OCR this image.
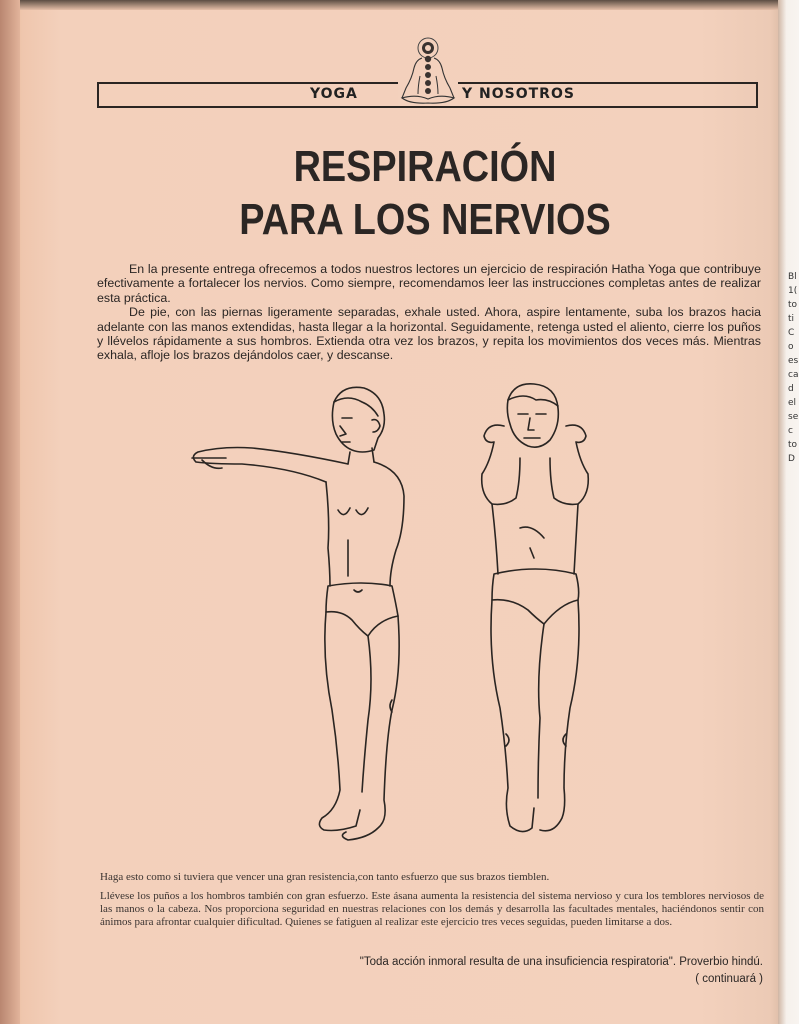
Bl
1(
to
ti
C
o
es
ca
d
el
se
c
to
D
YOGA	Y NOSOTROS
RESPIRACIÓN
PARA LOS NERVIOS

En la presente entrega ofrecemos a todos nuestros lectores un ejercicio de respiración Hatha Yoga que contribuye efectivamente a fortalecer los nervios. Como siempre, recomendamos leer las instrucciones completas antes de realizar esta práctica.

De pie, con las piernas ligeramente separadas, exhale usted. Ahora, aspire lentamente, suba los brazos hacia adelante con las manos extendidas, hasta llegar a la horizontal. Seguidamente, retenga usted el aliento, cierre los puños y llévelos rápidamente a sus hombros. Extienda otra vez los brazos, y repita los movimientos dos veces más. Mientras exhala, afloje los brazos dejándolos caer, y descanse.

Haga esto como si tuviera que vencer una gran resistencia,con tanto esfuerzo que sus brazos tiemblen.

Llévese los puños a los hombros también con gran esfuerzo. Este ásana aumenta la resistencia del sistema nervioso y cura los temblores nerviosos de las manos o la cabeza. Nos proporciona seguridad en nuestras relaciones con los demás y desarrolla las facultades mentales, haciéndonos sentir con ánimos para afrontar cualquier dificultad. Quienes se fatiguen al realizar este ejercicio tres veces seguidas, pueden limitarse a dos.

"Toda acción inmoral resulta de una insuficiencia respiratoria". Proverbio hindú.
( continuará )
